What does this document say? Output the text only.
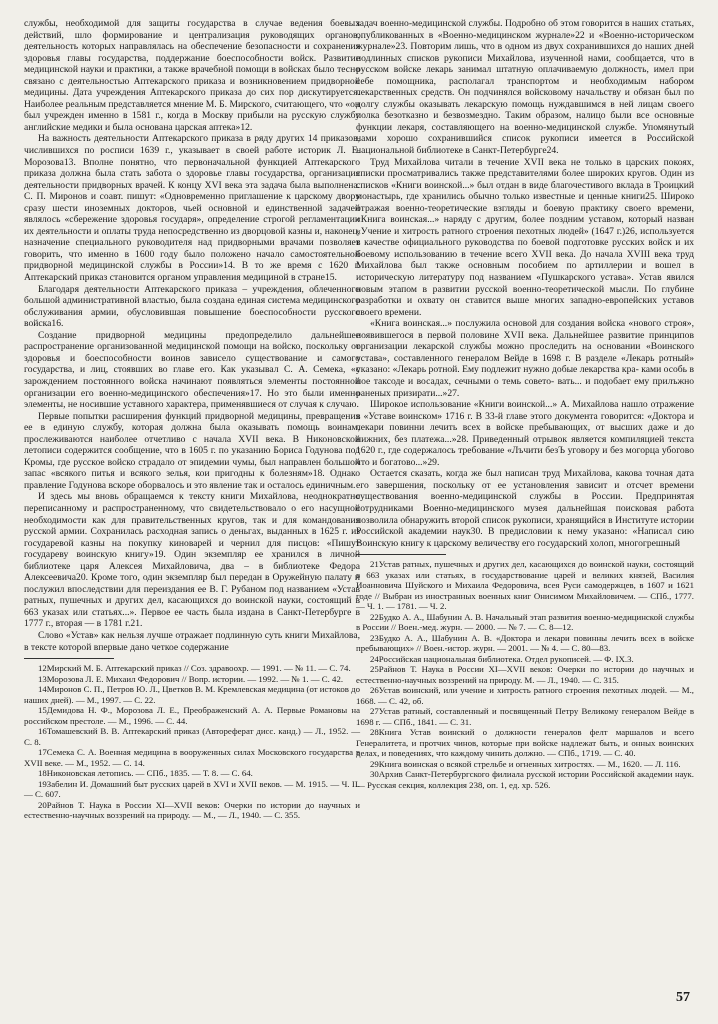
службы, необходимой для защиты государства в случае ведения боевых действий, шло формирование и централизация руководящих органов, деятельность которых направлялась на обеспечение безопасности и сохранения здоровья главы государства, поддержание боеспособности войск. Развитие медицинской науки и практики, а также врачебной помощи в войсках было тесно связано с деятельностью Аптекарского приказа и возникновением придворной медицины. Дата учреждения Аптекарского приказа до сих пор дискутируется. Наиболее реальным представляется мнение М. Б. Мирского, считающего, что «он был учрежден именно в 1581 г., когда в Москву прибыли на русскую службу английские медики и была основана царская аптека»12.

На важность деятельности Аптекарского приказа в ряду других 14 приказов, числившихся по росписи 1639 г., указывает в своей работе историк Л. Е. Морозова13. Вполне понятно, что первоначальной функцией Аптекарского приказа должна была стать забота о здоровье главы государства, организация деятельности придворных врачей. К концу XVI века эта задача была выполнена. С. П. Миронов и соавт. пишут: «Одновременно приглашение к царскому двору сразу шести иноземных докторов, чьей основной и единственной задачей являлось «сбережение здоровья государя», определение строгой регламентации их деятельности и оплаты труда непосредственно из дворцовой казны и, наконец, назначение специального руководителя над придворными врачами позволяет говорить, что именно в 1600 году было положено начало самостоятельной придворной медицинской службы в России»14. В то же время с 1620 г. Аптекарский приказ становится органом управления медициной в стране15.

Благодаря деятельности Аптекарского приказа – учреждения, облеченного большой административной властью, была создана единая система медицинского обслуживания армии, обусловившая повышение боеспособности русского войска16.

Создание придворной медицины предопределило дальнейшее распространение организованной медицинской помощи на войско, поскольку от здоровья и боеспособности воинов зависело существование и самого государства, и лиц, стоявших во главе его. Как указывал С. А. Семека, «с зарождением постоянного войска начинают появляться элементы постоянной организации его военно-медицинского обеспечения»17. Но это были именно элементы, не носившие уставного характера, применявшиеся от случая к случаю.

Первые попытки расширения функций придворной медицины, превращения ее в единую службу, которая должна была оказывать помощь воинам, прослеживаются наиболее отчетливо с начала XVII века. В Никоновской летописи содержится сообщение, что в 1605 г. по указанию Бориса Годунова под Кромы, где русское войско страдало от эпидемии чумы, был направлен большой запас «всякого питья и всякого зелья, кои пригодны к болезням»18. Однако правление Годунова вскоре оборвалось и это явление так и осталось единичным.

И здесь мы вновь обращаемся к тексту книги Михайлова, неоднократно переписанному и распространенному, что свидетельствовало о его насущной необходимости как для правительственных кругов, так и для командования русской армии. Сохранилась расходная запись о деньгах, выданных в 1625 г. из государевой казны на покупку киноварей и чернил для писцов: «Пишут государеву воинскую книгу»19. Один экземпляр ее хранился в личной библиотеке царя Алексея Михайловича, два – в библиотеке Федора Алексеевича20. Кроме того, один экземпляр был передан в Оружейную палату и послужил впоследствии для переиздания ее В. Г. Рубаном под названием «Устав ратных, пушечных и других дел, касающихся до воинской науки, состоящий в 663 указах или статьях...». Первое ее часть была издана в Санкт-Петербурге в 1777 г., вторая — в 1781 г.21.

Слово «Устав» как нельзя лучше отражает подлинную суть книги Михайлова, в тексте которой впервые дано четкое содержание

12Мирский М. Б. Аптекарский приказ // Соз. здравоохр. — 1991. — № 11. — С. 74.

13Морозова Л. Е. Михаил Федорович // Вопр. истории. — 1992. — № 1. — С. 42.

14Миронов С. П., Петров Ю. Л., Цветков В. М. Кремлевская медицина (от истоков до наших дней). — М., 1997. — С. 22.

15Демидова Н. Ф., Морозова Л. Е., Преображенский А. А. Первые Романовы на российском престоле. — М., 1996. — С. 44.

16Томашевский В. В. Аптекарский приказ (Автореферат дисс. канд.) — Л., 1952. — С. 8.

17Семека С. А. Военная медицина в вооруженных силах Московского государства в XVII веке. — М., 1952. — С. 14.

18Никоновская летопись. — СПб., 1835. — Т. 8. — С. 64.

19Забелин И. Домашний быт русских царей в XVI и XVII веков. — М. 1915. — Ч. II. — С. 607.

20Райнов Т. Наука в России XI—XVII веков: Очерки по истории до научных и естественно-научных воззрений на природу. — М., — Л., 1940. — С. 355.

задач военно-медицинской службы. Подробно об этом говорится в наших статьях, опубликованных в «Военно-медицинском журнале»22 и «Военно-историческом журнале»23. Повторим лишь, что в одном из двух сохранившихся до наших дней подлинных списков рукописи Михайлова, изученной нами, сообщается, что в русском войске лекарь занимал штатную оплачиваемую должность, имел при себе помощника, располагал транспортом и необходимым набором лекарственных средств. Он подчинялся войсковому начальству и обязан был по долгу службы оказывать лекарскую помощь нуждавшимся в ней лицам своего полка безотказно и безвозмездно. Таким образом, налицо были все основные функции лекаря, составляющего на военно-медицинской службе. Упомянутый нами хорошо сохранившийся список рукописи имеется в Российской национальной библиотеке в Санкт-Петербурге24.

Труд Михайлова читали в течение XVII века не только в царских покоях, списки просматривались также представителями более широких кругов. Один из списков «Книги воинской...» был отдан в виде благочестивого вклада в Троицкий монастырь, где хранились обычно только известные и ценные книги25. Широко отражая военно-теоретические взгляды и боевую практику своего времени, «Книга воинская...» наряду с другим, более поздним уставом, который назван «Учение и хитрость ратного строения пехотных людей» (1647 г.)26, используется в качестве официального руководства по боевой подготовке русских войск и их боевому использованию в течение всего XVII века. До начала XVIII века труд Михайлова был также основным пособием по артиллерии и вошел в историческую литературу под названием «Пушкарского устава». Устав явился новым этапом в развитии русской военно-теоретической мысли. По глубине разработки и охвату он ставится выше многих западно-европейских уставов своего времени.

«Книга воинская...» послужила основой для создания войска «нового строя», появившегося в первой половине XVII века. Дальнейшее развитие принципов организации лекарской службы можно проследить на основании «Воинского устава», составленного генералом Вейде в 1698 г. В разделе «Лекарь ротный» указано: «Лекарь ротной. Ему подлежит нужно добые лекарства кра- ками особь в пое таксоде и восадах, сечными о темь совето- вать... и подобает ему прилъжно раненых призирати...»27.

Широкое использование «Книги воинской...» А. Михайлова нашло отражение в «Уставе воинском» 1716 г. В 33-й главе этого документа говорится: «Доктора и лекари повинни лечить всех в войске пребывающих, от высших даже и до нижних, без платежа...»28. Приведенный отрывок является компиляцией текста 1620 г., где содержалось требование «Лъчити безЪ уговору и без могорца убогово что и богатово...»29.

Остается сказать, когда же был написан труд Михайлова, какова точная дата его завершения, поскольку от ее установления зависит и отсчет времени существования военно-медицинской службы в России. Предпринятая сотрудниками Военно-медицинского музея дальнейшая поисковая работа позволила обнаружить второй список рукописи, хранящийся в Институте истории Российской академии наук30. В предисловии к нему указано: «Написал сию Воинскую книгу к царскому величеству его государский холоп, многогрешный

21Устав ратных, пушечных и других дел, касающихся до воинской науки, состоящий в 663 указах или статьях, в государствование царей и великих князей, Василия Иоанновича Шуйского и Михаила Федоровича, всея Руси самодержцев, в 1607 и 1621 годе // Выбран из иностранных военных книг Онисимом Михайловичем. — СПб., 1777. — Ч. 1. — 1781. — Ч. 2.

22Будко А. А., Шабунин А. В. Начальный этап развития военно-медицинской службы в России // Воен.-мед. журн. — 2000. — № 7. — С. 8—12.

23Будко А. А., Шабунин А. В. «Доктора и лекари повинны лечить всех в войске пребывающих» // Воен.-истор. журн. — 2001. — № 4. — С. 80—83.

24Российская национальная библиотека. Отдел рукописей. — Ф. IX.3.

25Райнов Т. Наука в России XI—XVII веков: Очерки по истории до научных и естественно-научных воззрений на природу. М. — Л., 1940. — С. 315.

26Устав воинский, или учение и хитрость ратного строения пехотных людей. — М., 1668. — С. 42, об.

27Устав ратный, составленный и посвященный Петру Великому генералом Вейде в 1698 г. — СПб., 1841. — С. 31.

28Книга Устав воинский о должности генералов фелт маршалов и всего Генералитета, и протчих чинов, которые при войске надлежат быть, и онных воинских делах, и поведениях, что каждому чинить должно. — СПб., 1719. — С. 40.

29Книга воинская о всякой стрельбе и огненных хитростях. — М., 1620. — Л. 116.

30Архив Санкт-Петербургского филиала русской истории Российской академии наук. — Русская секция, коллекция 238, оп. 1, ед. хр. 526.

57
